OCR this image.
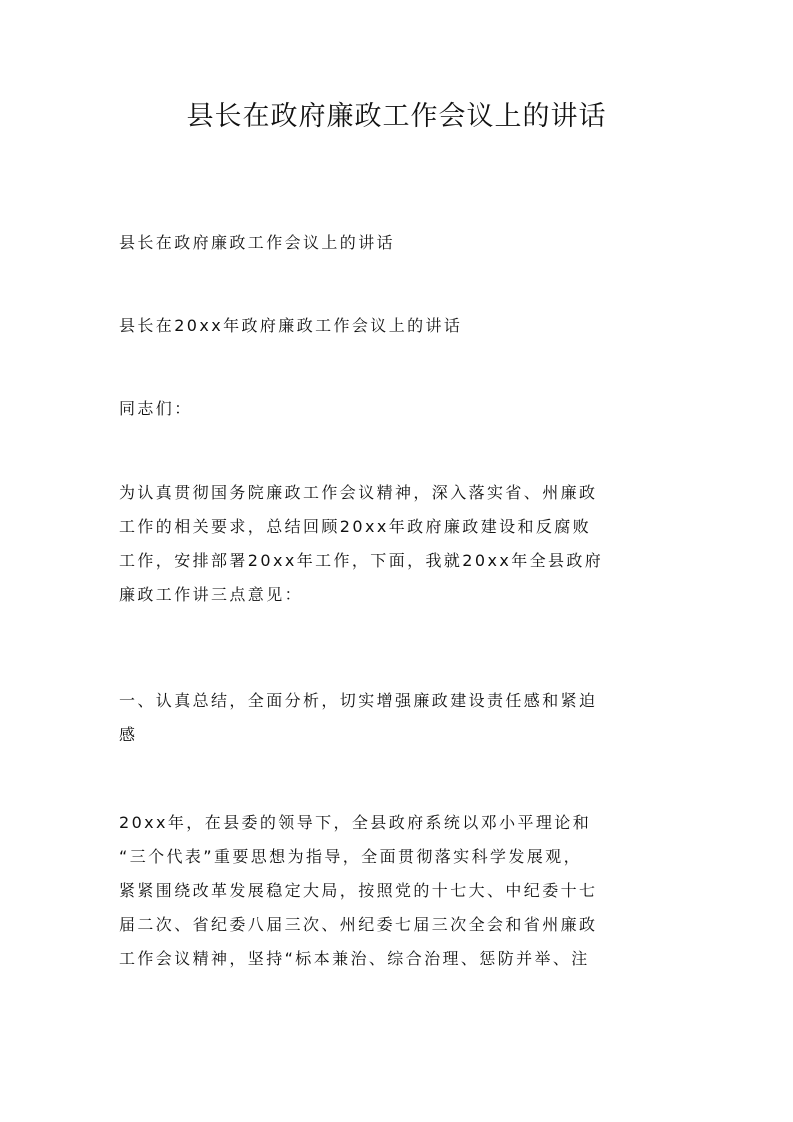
县长在政府廉政工作会议上的讲话

县长在政府廉政工作会议上的讲话

县长在20xx年政府廉政工作会议上的讲话

同志们：

为认真贯彻国务院廉政工作会议精神，深入落实省、州廉政
工作的相关要求，总结回顾20xx年政府廉政建设和反腐败
工作，安排部署20xx年工作，下面，我就20xx年全县政府
廉政工作讲三点意见：

一、认真总结，全面分析，切实增强廉政建设责任感和紧迫
感

20xx年，在县委的领导下，全县政府系统以邓小平理论和
“三个代表”重要思想为指导，全面贯彻落实科学发展观，
紧紧围绕改革发展稳定大局，按照党的十七大、中纪委十七
届二次、省纪委八届三次、州纪委七届三次全会和省州廉政
工作会议精神，坚持“标本兼治、综合治理、惩防并举、注
